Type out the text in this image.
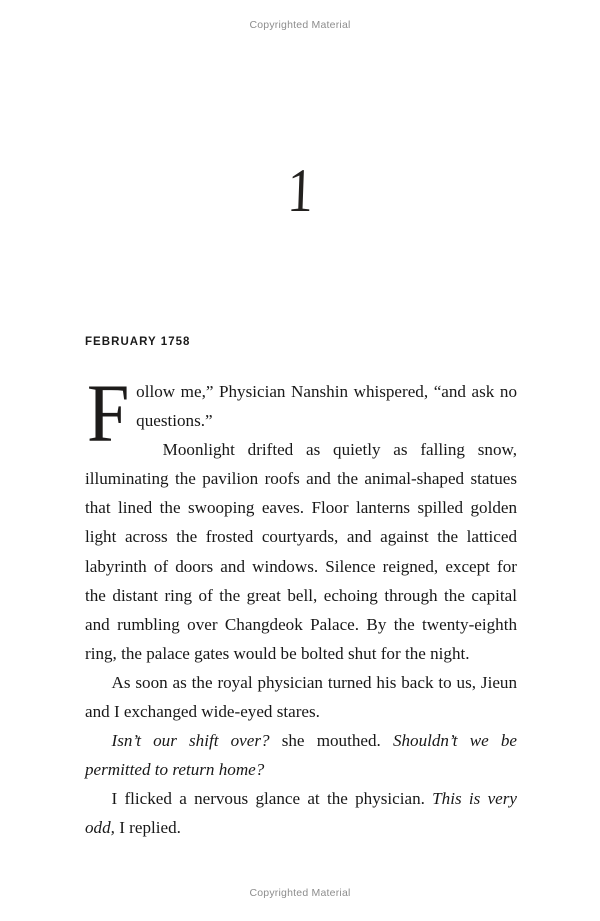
Copyrighted Material
1
FEBRUARY 1758

Follow me,” Physician Nanshin whispered, “and ask no questions.”

Moonlight drifted as quietly as falling snow, illuminating the pavilion roofs and the animal-shaped statues that lined the swooping eaves. Floor lanterns spilled golden light across the frosted courtyards, and against the latticed labyrinth of doors and windows. Silence reigned, except for the distant ring of the great bell, echoing through the capital and rumbling over Changdeok Palace. By the twenty-eighth ring, the palace gates would be bolted shut for the night.

As soon as the royal physician turned his back to us, Jieun and I exchanged wide-eyed stares.

Isn’t our shift over? she mouthed. Shouldn’t we be permitted to return home?

I flicked a nervous glance at the physician. This is very odd, I replied.

Copyrighted Material
